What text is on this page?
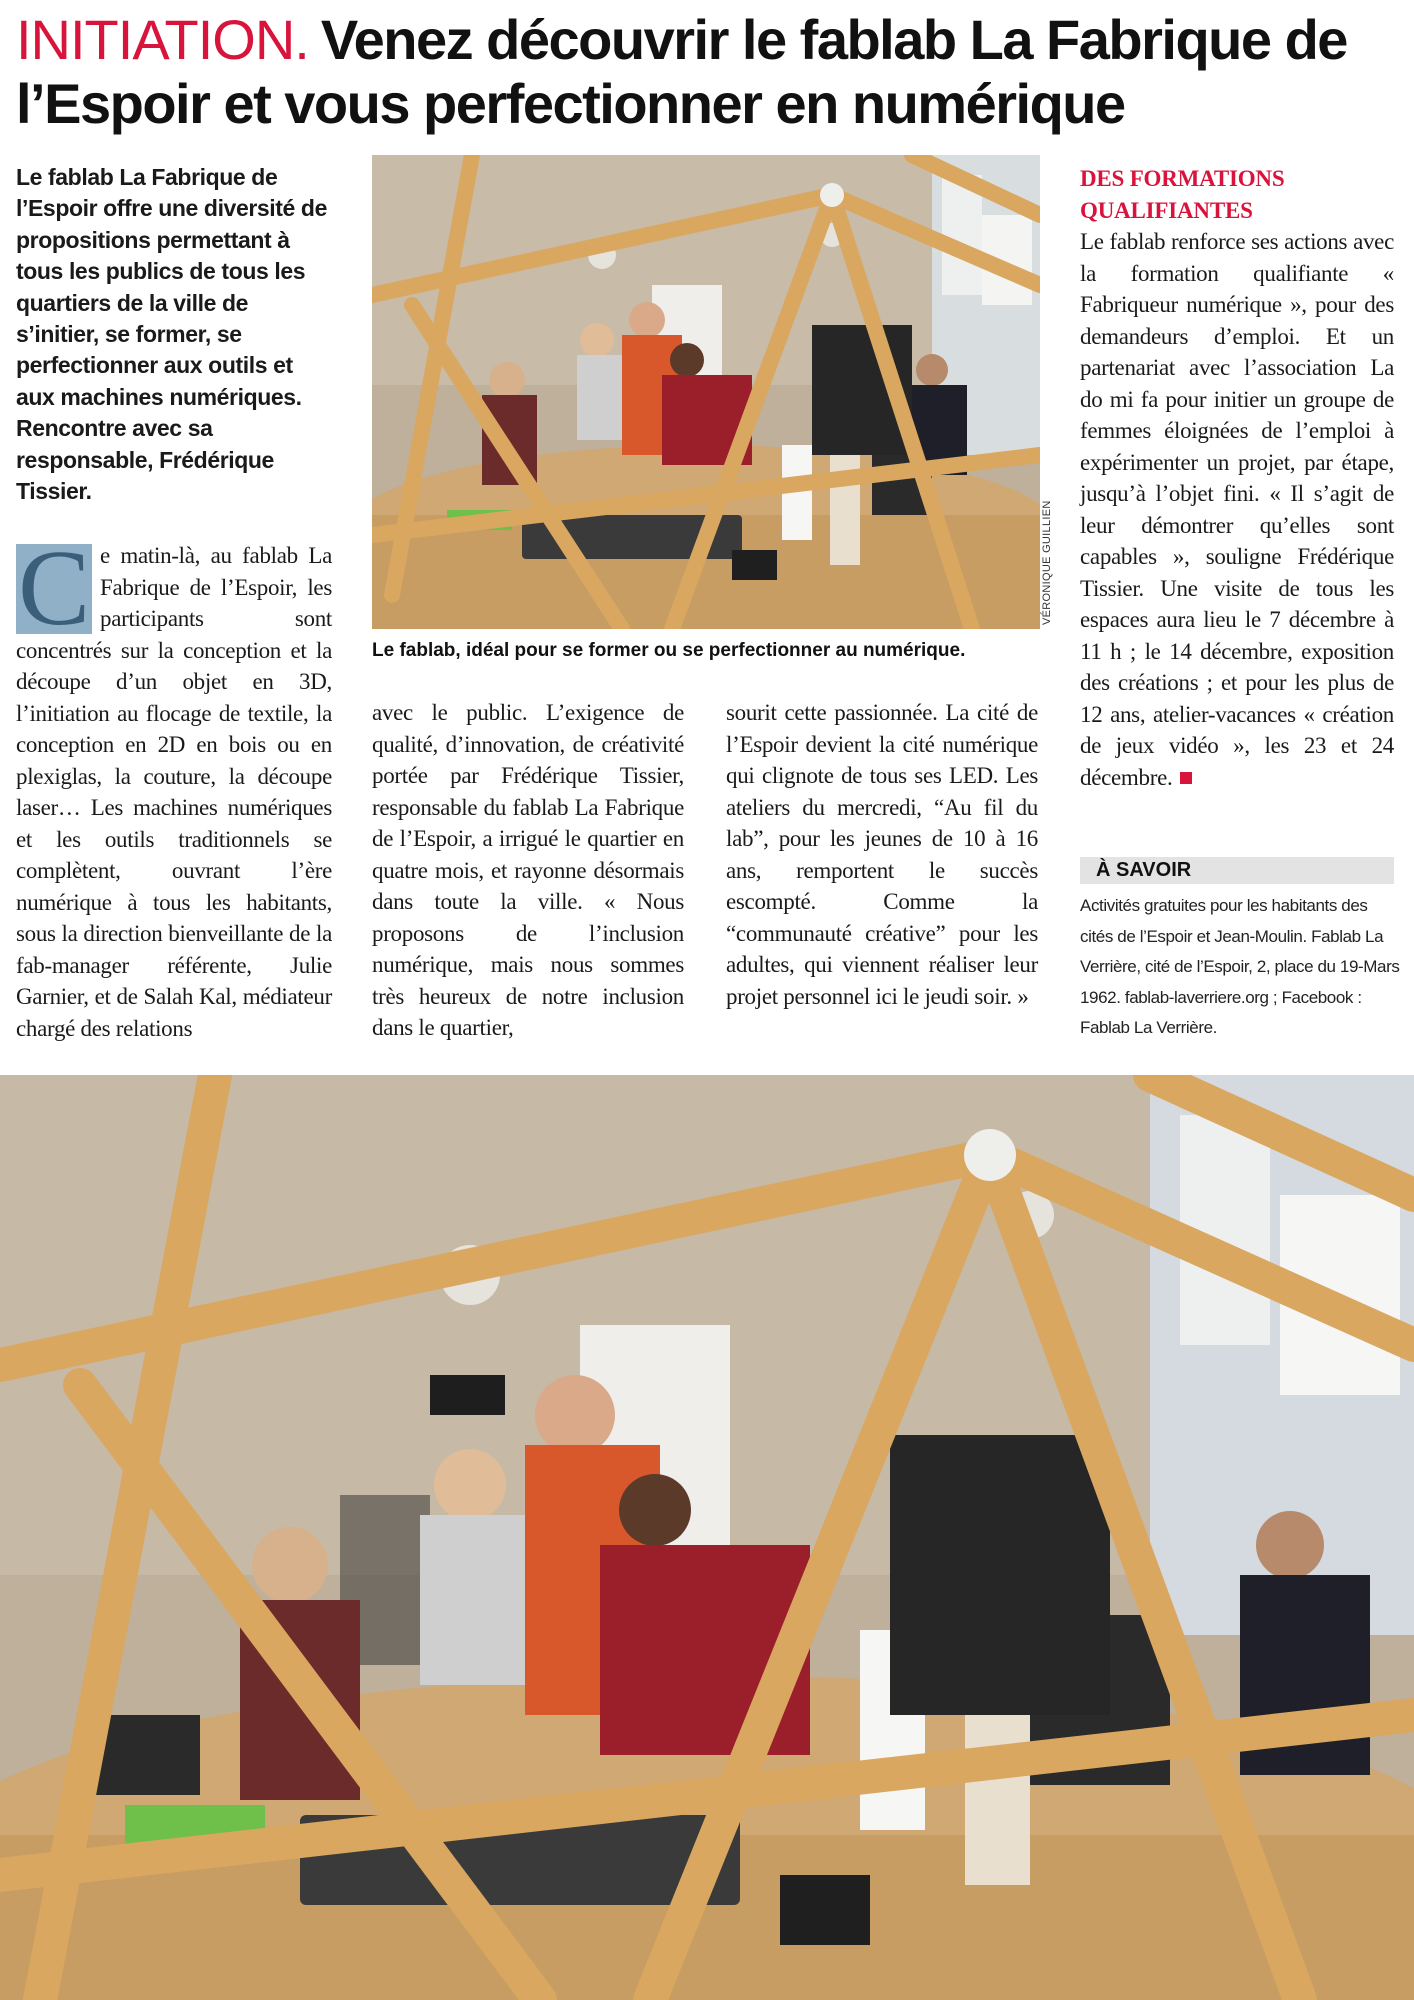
INITIATION. Venez découvrir le fablab La Fabrique de l’Espoir et vous perfectionner en numérique

Le fablab La Fabrique de l’Espoir offre une diversité de propositions permettant à tous les publics de tous les quartiers de la ville de s’initier, se former, se perfectionner aux outils et aux machines numériques. Rencontre avec sa responsable, Frédérique Tissier.

VÉRONIQUE GUILLIEN

Le fablab, idéal pour se former ou se perfectionner au numérique.

C e matin-là, au fablab La Fabrique de l’Espoir, les participants sont concentrés sur la conception et la découpe d’un objet en 3D, l’initiation au flocage de textile, la conception en 2D en bois ou en plexiglas, la couture, la découpe laser… Les machines numériques et les outils traditionnels se complètent, ouvrant l’ère numérique à tous les habitants, sous la direction bienveillante de la fab-manager référente, Julie Garnier, et de Salah Kal, médiateur chargé des relations

avec le public. L’exigence de qualité, d’innovation, de créativité portée par Frédérique Tissier, responsable du fablab La Fabrique de l’Espoir, a irrigué le quartier en quatre mois, et rayonne désormais dans toute la ville. « Nous proposons de l’inclusion numérique, mais nous sommes très heureux de notre inclusion dans le quartier,

sourit cette passionnée. La cité de l’Espoir devient la cité numérique qui clignote de tous ses LED. Les ateliers du mercredi, “Au fil du lab”, pour les jeunes de 10 à 16 ans, remportent le succès escompté. Comme la “communauté créative” pour les adultes, qui viennent réaliser leur projet personnel ici le jeudi soir. »

DES FORMATIONS QUALIFIANTES
Le fablab renforce ses actions avec la formation qualifiante « Fabriqueur numérique », pour des demandeurs d’emploi. Et un partenariat avec l’association La do mi fa pour initier un groupe de femmes éloignées de l’emploi à expérimenter un projet, par étape, jusqu’à l’objet fini. « Il s’agit de leur démontrer qu’elles sont capables », souligne Frédérique Tissier. Une visite de tous les espaces aura lieu le 7 décembre à 11 h ; le 14 décembre, exposition des créations ; et pour les plus de 12 ans, atelier-vacances « création de jeux vidéo », les 23 et 24 décembre.
À SAVOIR

Activités gratuites pour les habitants des cités de l’Espoir et Jean-Moulin. Fablab La Verrière, cité de l’Espoir, 2, place du 19-Mars 1962. fablab-laverriere.org ; Facebook : Fablab La Verrière.
